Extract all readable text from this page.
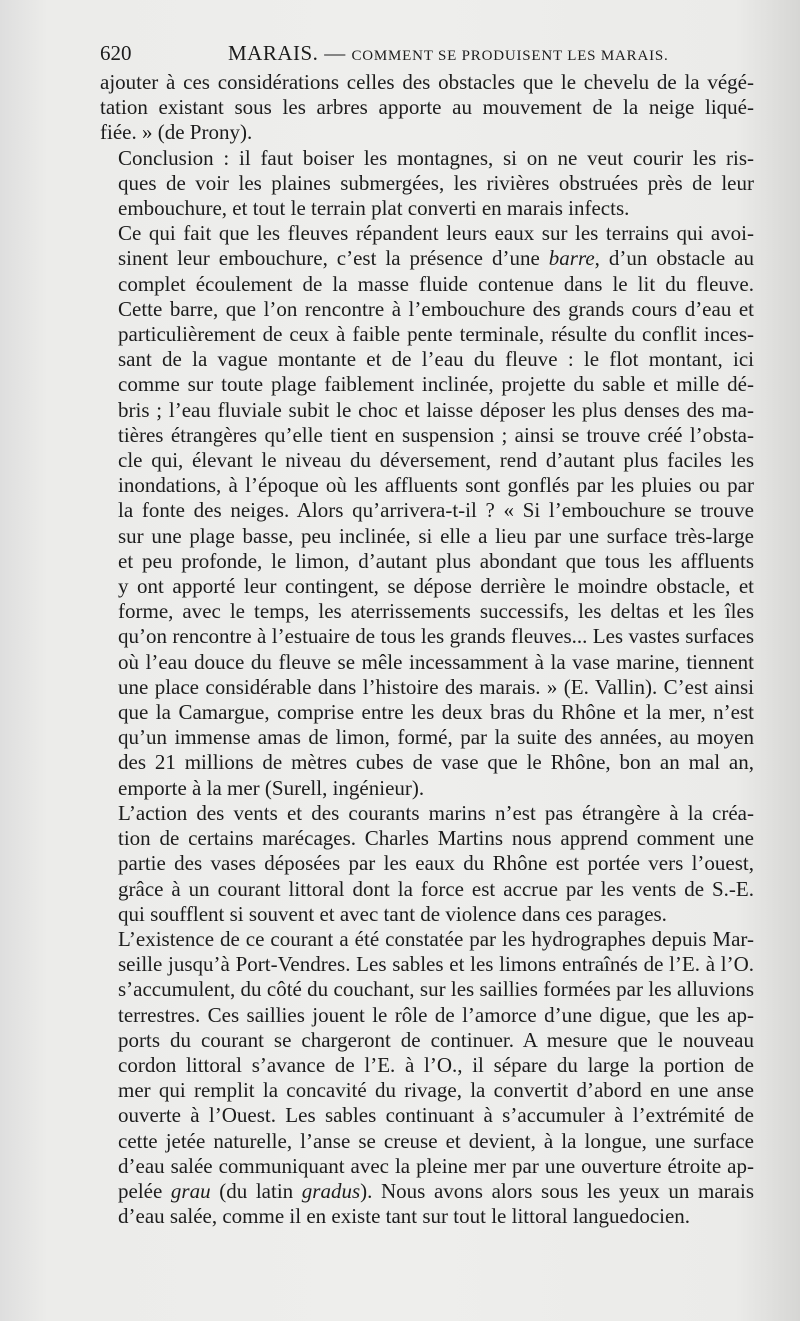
620	MARAIS. — COMMENT SE PRODUISENT LES MARAIS.
ajouter à ces considérations celles des obstacles que le chevelu de la végé-
tation existant sous les arbres apporte au mouvement de la neige liqué-
fiée. » (de Prony).
Conclusion : il faut boiser les montagnes, si on ne veut courir les ris-
ques de voir les plaines submergées, les rivières obstruées près de leur
embouchure, et tout le terrain plat converti en marais infects.
Ce qui fait que les fleuves répandent leurs eaux sur les terrains qui avoi-
sinent leur embouchure, c’est la présence d’une barre, d’un obstacle au
complet écoulement de la masse fluide contenue dans le lit du fleuve.
Cette barre, que l’on rencontre à l’embouchure des grands cours d’eau et
particulièrement de ceux à faible pente terminale, résulte du conflit inces-
sant de la vague montante et de l’eau du fleuve : le flot montant, ici
comme sur toute plage faiblement inclinée, projette du sable et mille dé-
bris ; l’eau fluviale subit le choc et laisse déposer les plus denses des ma-
tières étrangères qu’elle tient en suspension ; ainsi se trouve créé l’obsta-
cle qui, élevant le niveau du déversement, rend d’autant plus faciles les
inondations, à l’époque où les affluents sont gonflés par les pluies ou par
la fonte des neiges. Alors qu’arrivera-t-il ? « Si l’embouchure se trouve
sur une plage basse, peu inclinée, si elle a lieu par une surface très-large
et peu profonde, le limon, d’autant plus abondant que tous les affluents
y ont apporté leur contingent, se dépose derrière le moindre obstacle, et
forme, avec le temps, les aterrissements successifs, les deltas et les îles
qu’on rencontre à l’estuaire de tous les grands fleuves... Les vastes surfaces
où l’eau douce du fleuve se mêle incessamment à la vase marine, tiennent
une place considérable dans l’histoire des marais. » (E. Vallin). C’est ainsi
que la Camargue, comprise entre les deux bras du Rhône et la mer, n’est
qu’un immense amas de limon, formé, par la suite des années, au moyen
des 21 millions de mètres cubes de vase que le Rhône, bon an mal an,
emporte à la mer (Surell, ingénieur).
L’action des vents et des courants marins n’est pas étrangère à la créa-
tion de certains marécages. Charles Martins nous apprend comment une
partie des vases déposées par les eaux du Rhône est portée vers l’ouest,
grâce à un courant littoral dont la force est accrue par les vents de S.-E.
qui soufflent si souvent et avec tant de violence dans ces parages.
L’existence de ce courant a été constatée par les hydrographes depuis Mar-
seille jusqu’à Port-Vendres. Les sables et les limons entraînés de l’E. à l’O.
s’accumulent, du côté du couchant, sur les saillies formées par les alluvions
terrestres. Ces saillies jouent le rôle de l’amorce d’une digue, que les ap-
ports du courant se chargeront de continuer. A mesure que le nouveau
cordon littoral s’avance de l’E. à l’O., il sépare du large la portion de
mer qui remplit la concavité du rivage, la convertit d’abord en une anse
ouverte à l’Ouest. Les sables continuant à s’accumuler à l’extrémité de
cette jetée naturelle, l’anse se creuse et devient, à la longue, une surface
d’eau salée communiquant avec la pleine mer par une ouverture étroite ap-
pelée grau (du latin gradus). Nous avons alors sous les yeux un marais
d’eau salée, comme il en existe tant sur tout le littoral languedocien.
